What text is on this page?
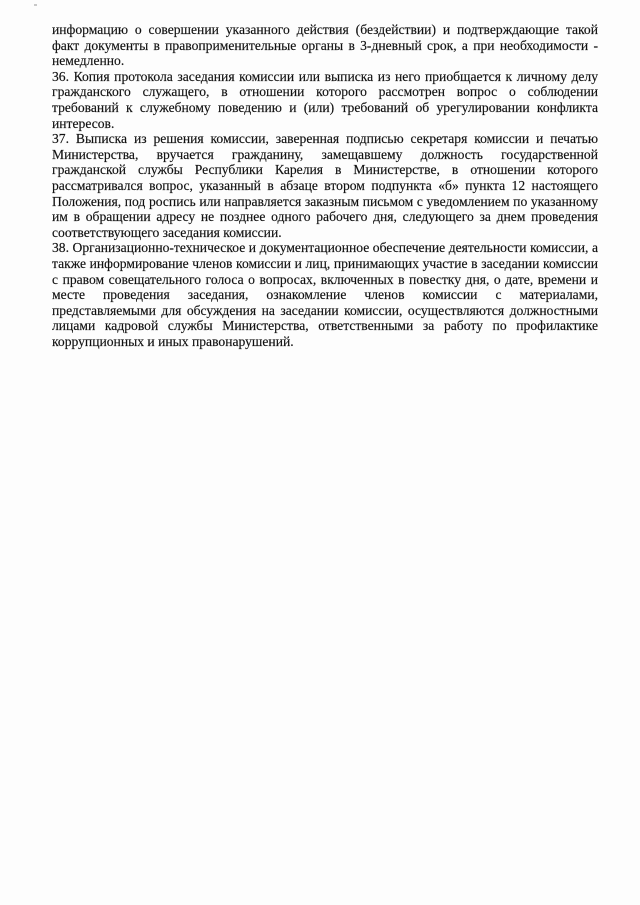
информацию о совершении указанного действия (бездействии) и подтверждающие такой факт документы в правоприменительные органы в 3-дневный срок, а при необходимости - немедленно.

36. Копия протокола заседания комиссии или выписка из него приобщается к личному делу гражданского служащего, в отношении которого рассмотрен вопрос о соблюдении требований к служебному поведению и (или) требований об урегулировании конфликта интересов.

37. Выписка из решения комиссии, заверенная подписью секретаря комиссии и печатью Министерства, вручается гражданину, замещавшему должность государственной гражданской службы Республики Карелия в Министерстве, в отношении которого рассматривался вопрос, указанный в абзаце втором подпункта «б» пункта 12 настоящего Положения, под роспись или направляется заказным письмом с уведомлением по указанному им в обращении адресу не позднее одного рабочего дня, следующего за днем проведения соответствующего заседания комиссии.

38. Организационно-техническое и документационное обеспечение деятельности комиссии, а также информирование членов комиссии и лиц, принимающих участие в заседании комиссии с правом совещательного голоса о вопросах, включенных в повестку дня, о дате, времени и месте проведения заседания, ознакомление членов комиссии с материалами, представляемыми для обсуждения на заседании комиссии, осуществляются должностными лицами кадровой службы Министерства, ответственными за работу по профилактике коррупционных и иных правонарушений.
